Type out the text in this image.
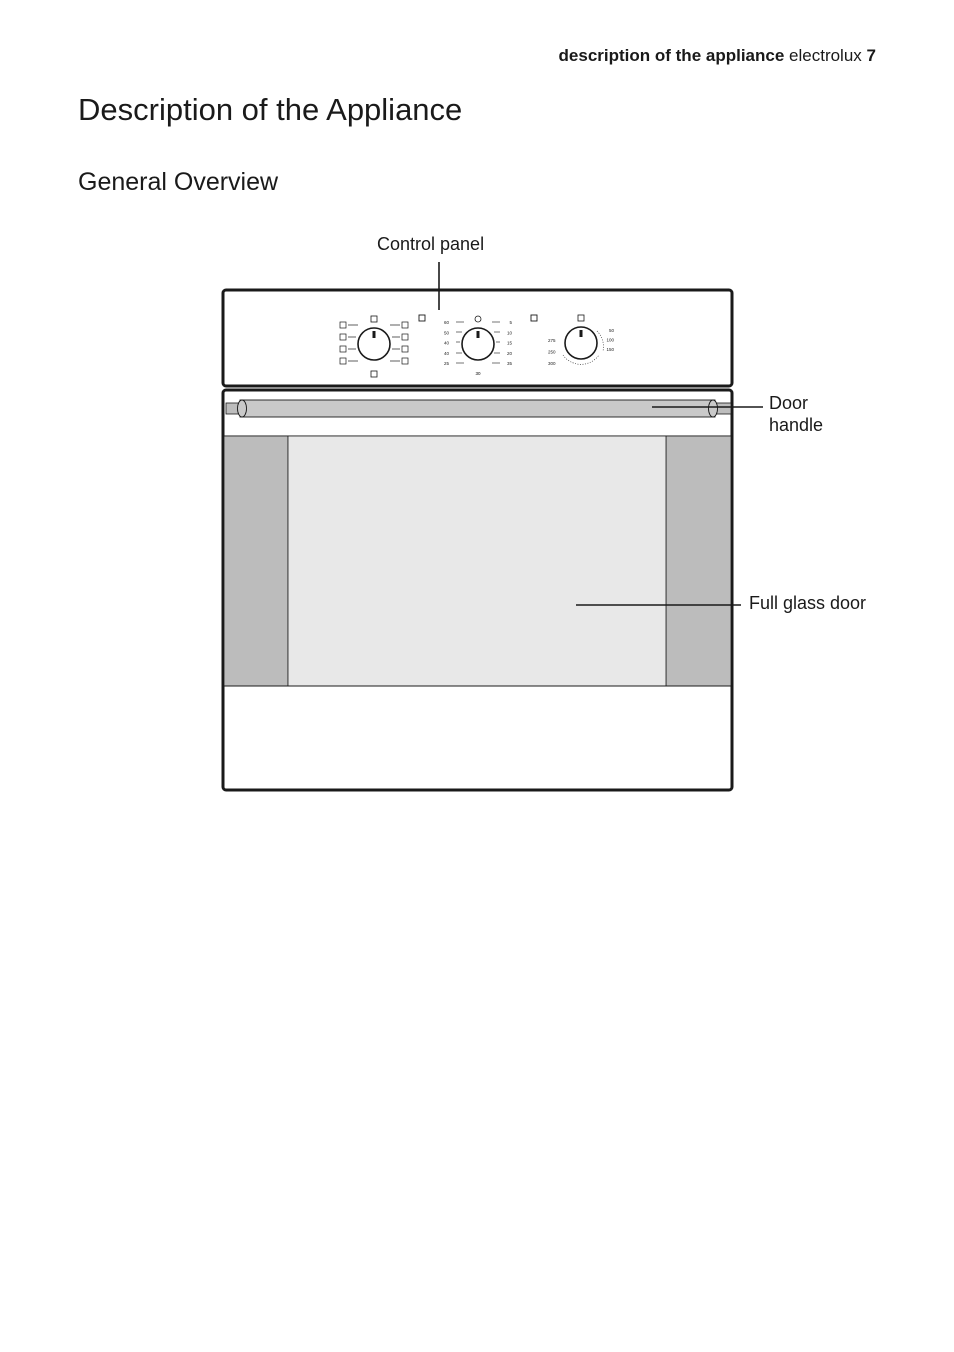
description of the appliance electrolux 7
Description of the Appliance
General Overview
60
50
40
40
25
5
10
15
20
35
30
275
250
300
50
100
150
Control panel
Door
handle
Full glass door
